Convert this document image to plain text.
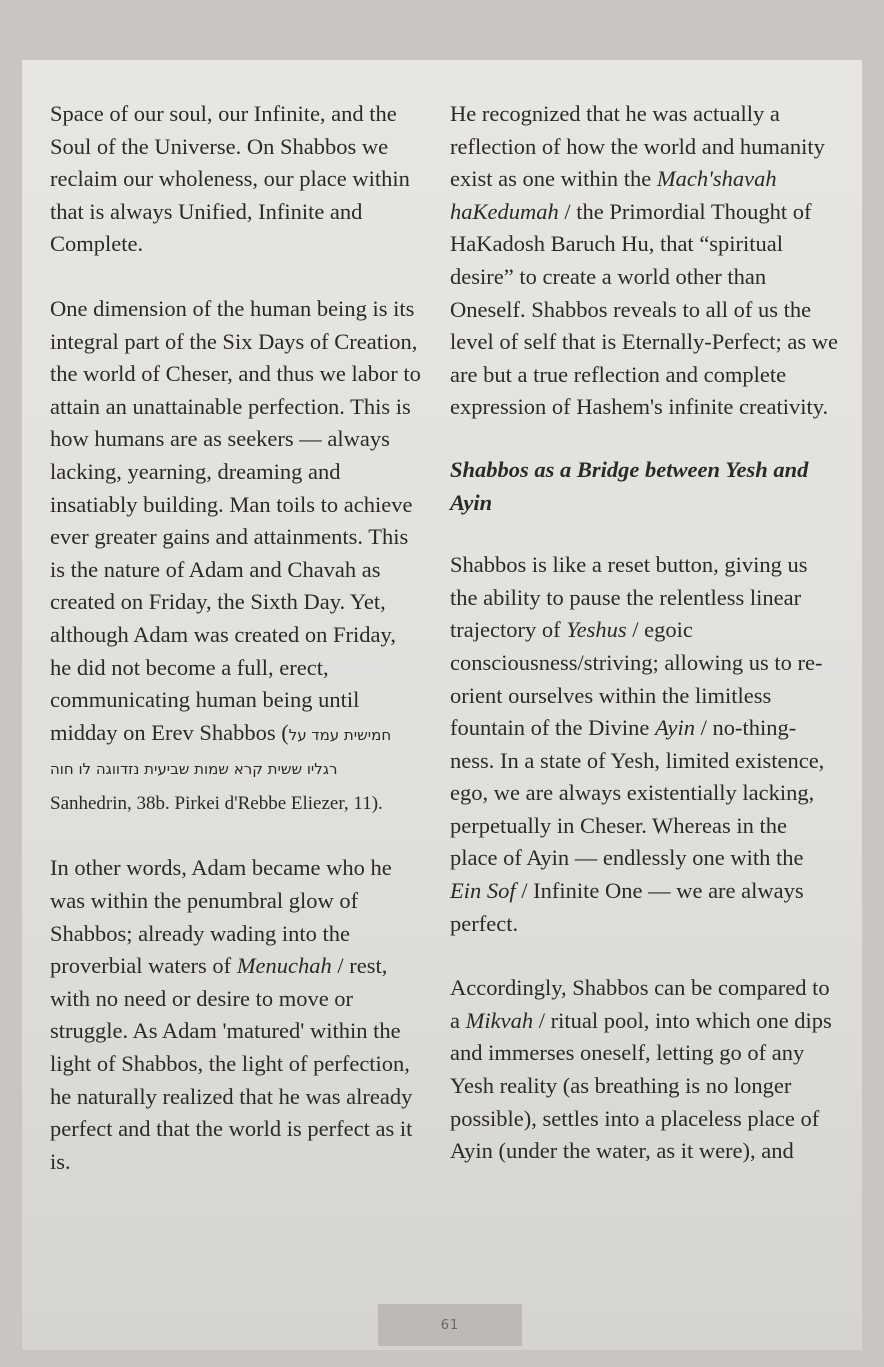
Space of our soul, our Infinite, and the Soul of the Universe. On Shabbos we reclaim our wholeness, our place within that is always Unified, Infinite and Complete.

One dimension of the human being is its integral part of the Six Days of Creation, the world of Cheser, and thus we labor to attain an unattainable perfection. This is how humans are as seekers — always lacking, yearning, dreaming and insatiably building. Man toils to achieve ever greater gains and attainments. This is the nature of Adam and Chavah as created on Friday, the Sixth Day. Yet, although Adam was created on Friday, he did not become a full, erect, communicating human being until midday on Erev Shabbos (חמישית עמד על רגליו ששית קרא שמות שביעית נזדווגה לו חוה Sanhedrin, 38b. Pirkei d'Rebbe Eliezer, 11).

In other words, Adam became who he was within the penumbral glow of Shabbos; already wading into the proverbial waters of Menuchah / rest, with no need or desire to move or struggle. As Adam 'matured' within the light of Shabbos, the light of perfection, he naturally realized that he was already perfect and that the world is perfect as it is.

He recognized that he was actually a reflection of how the world and humanity exist as one within the Mach'shavah haKedumah / the Primordial Thought of HaKadosh Baruch Hu, that “spiritual desire” to create a world other than Oneself. Shabbos reveals to all of us the level of self that is Eternally-Perfect; as we are but a true reflection and complete expression of Hashem's infinite creativity.

Shabbos as a Bridge between Yesh and Ayin

Shabbos is like a reset button, giving us the ability to pause the relentless linear trajectory of Yeshus / egoic consciousness/striving; allowing us to re-orient ourselves within the limitless fountain of the Divine Ayin / no-thing-ness. In a state of Yesh, limited existence, ego, we are always existentially lacking, perpetually in Cheser. Whereas in the place of Ayin — endlessly one with the Ein Sof / Infinite One — we are always perfect.

Accordingly, Shabbos can be compared to a Mikvah / ritual pool, into which one dips and immerses oneself, letting go of any Yesh reality (as breathing is no longer possible), settles into a placeless place of Ayin (under the water, as it were), and

61
